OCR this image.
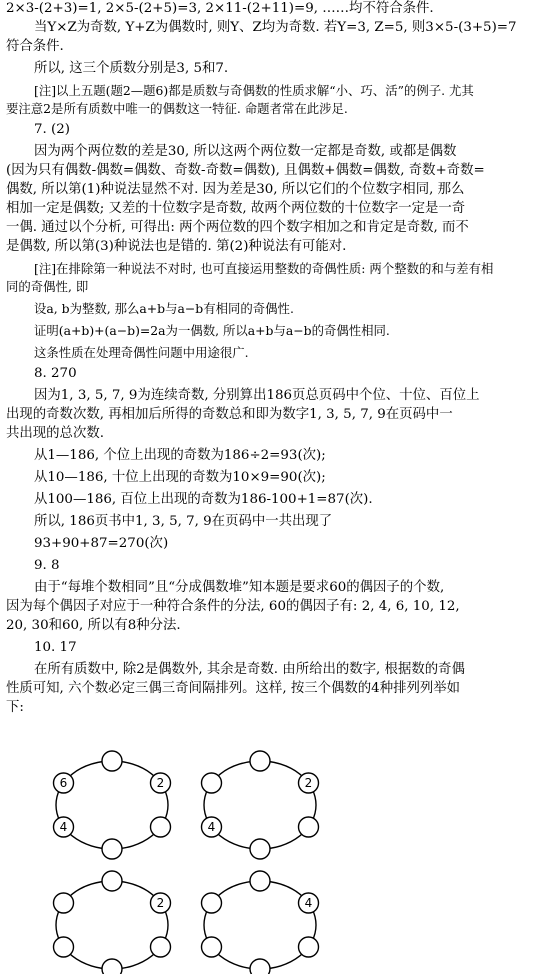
2×3-(2+3)=1, 2×5-(2+5)=3, 2×11-(2+11)=9, ……均不符合条件.
当Y×Z为奇数, Y+Z为偶数时, 则Y、Z均为奇数. 若Y=3, Z=5, 则3×5-(3+5)=7
符合条件.
所以, 这三个质数分别是3, 5和7.
[注]以上五题(题2—题6)都是质数与奇偶数的性质求解“小、巧、活”的例子. 尤其
要注意2是所有质数中唯一的偶数这一特征. 命题者常在此涉足.
7. (2)
因为两个两位数的差是30, 所以这两个两位数一定都是奇数, 或都是偶数
(因为只有偶数-偶数=偶数、奇数-奇数=偶数), 且偶数+偶数=偶数, 奇数+奇数=
偶数, 所以第(1)种说法显然不对. 因为差是30, 所以它们的个位数字相同, 那么
相加一定是偶数; 又差的十位数字是奇数, 故两个两位数的十位数字一定是一奇
一偶. 通过以个分析, 可得出: 两个两位数的四个数字相加之和肯定是奇数, 而不
是偶数, 所以第(3)种说法也是错的. 第(2)种说法有可能对.
[注]在排除第一种说法不对时, 也可直接运用整数的奇偶性质: 两个整数的和与差有相
同的奇偶性, 即
设a, b为整数, 那么a+b与a−b有相同的奇偶性.
证明(a+b)+(a−b)=2a为一偶数, 所以a+b与a−b的奇偶性相同.
这条性质在处理奇偶性问题中用途很广.
8. 270
因为1, 3, 5, 7, 9为连续奇数, 分别算出186页总页码中个位、十位、百位上
出现的奇数次数, 再相加后所得的奇数总和即为数字1, 3, 5, 7, 9在页码中一
共出现的总次数.
从1—186, 个位上出现的奇数为186÷2=93(次);
从10—186, 十位上出现的奇数为10×9=90(次);
从100—186, 百位上出现的奇数为186-100+1=87(次).
所以, 186页书中1, 3, 5, 7, 9在页码中一共出现了
93+90+87=270(次)
9. 8
由于“每堆个数相同”且“分成偶数堆”知本题是要求60的偶因子的个数,
因为每个偶因子对应于一种符合条件的分法, 60的偶因子有: 2, 4, 6, 10, 12,
20, 30和60, 所以有8种分法.
10. 17
在所有质数中, 除2是偶数外, 其余是奇数. 由所给出的数字, 根据数的奇偶
性质可知, 六个数必定三偶三奇间隔排列。这样, 按三个偶数的4种排列列举如
下:
2
4
6	2
4
2	4
